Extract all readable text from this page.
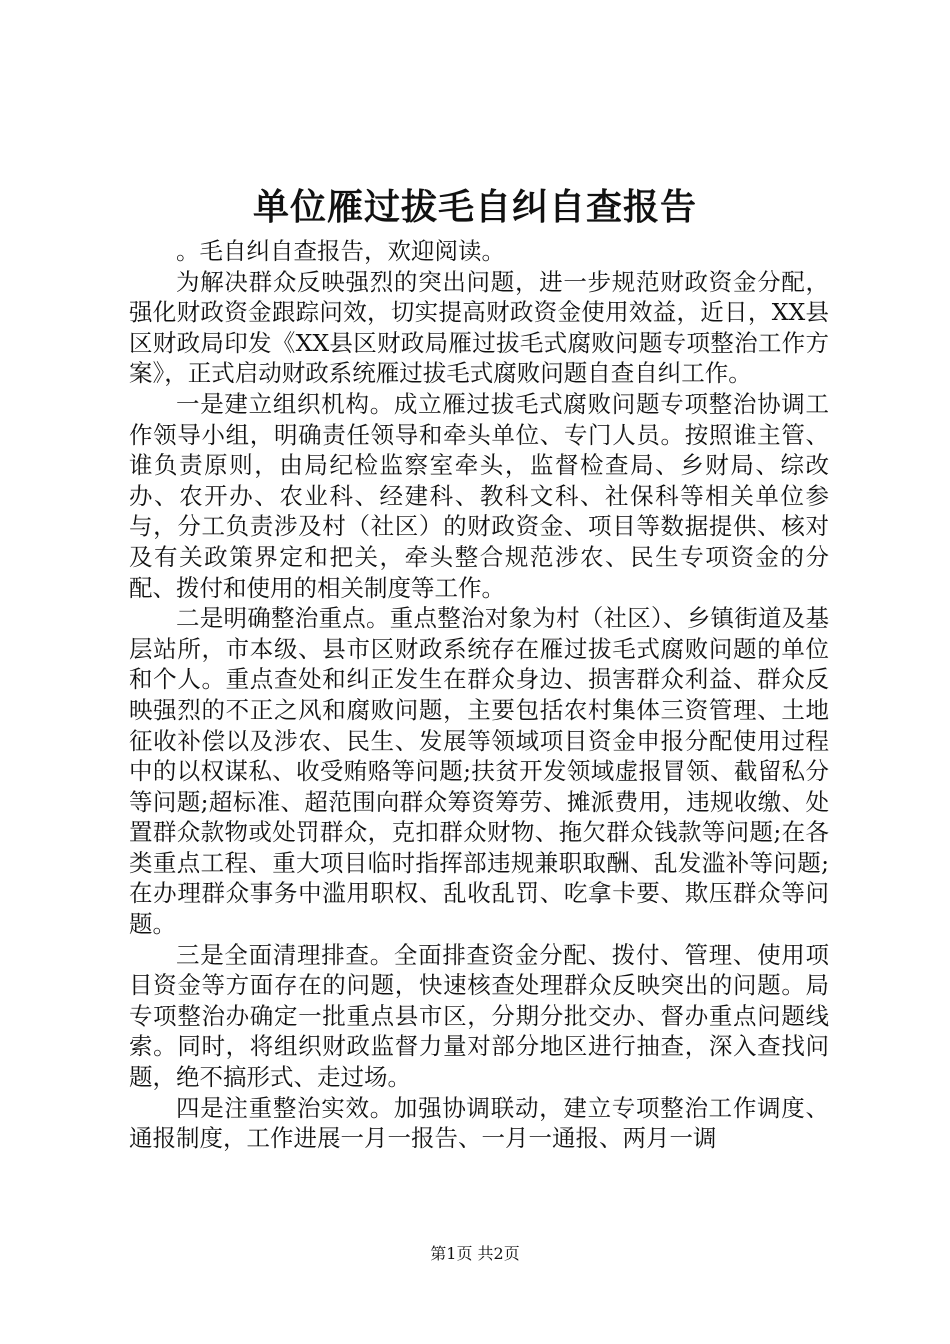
单位雁过拔毛自纠自查报告

。毛自纠自查报告，欢迎阅读。

为解决群众反映强烈的突出问题，进一步规范财政资金分配，强化财政资金跟踪问效，切实提高财政资金使用效益，近日，XX县区财政局印发《XX县区财政局雁过拔毛式腐败问题专项整治工作方案》，正式启动财政系统雁过拔毛式腐败问题自查自纠工作。

一是建立组织机构。成立雁过拔毛式腐败问题专项整治协调工作领导小组，明确责任领导和牵头单位、专门人员。按照谁主管、谁负责原则，由局纪检监察室牵头，监督检查局、乡财局、综改办、农开办、农业科、经建科、教科文科、社保科等相关单位参与，分工负责涉及村（社区）的财政资金、项目等数据提供、核对及有关政策界定和把关，牵头整合规范涉农、民生专项资金的分配、拨付和使用的相关制度等工作。

二是明确整治重点。重点整治对象为村（社区）、乡镇街道及基层站所，市本级、县市区财政系统存在雁过拔毛式腐败问题的单位和个人。重点查处和纠正发生在群众身边、损害群众利益、群众反映强烈的不正之风和腐败问题，主要包括农村集体三资管理、土地征收补偿以及涉农、民生、发展等领域项目资金申报分配使用过程中的以权谋私、收受贿赂等问题;扶贫开发领域虚报冒领、截留私分等问题;超标准、超范围向群众筹资筹劳、摊派费用，违规收缴、处置群众款物或处罚群众，克扣群众财物、拖欠群众钱款等问题;在各类重点工程、重大项目临时指挥部违规兼职取酬、乱发滥补等问题;在办理群众事务中滥用职权、乱收乱罚、吃拿卡要、欺压群众等问题。

三是全面清理排查。全面排查资金分配、拨付、管理、使用项目资金等方面存在的问题，快速核查处理群众反映突出的问题。局专项整治办确定一批重点县市区，分期分批交办、督办重点问题线索。同时，将组织财政监督力量对部分地区进行抽查，深入查找问题，绝不搞形式、走过场。

四是注重整治实效。加强协调联动，建立专项整治工作调度、通报制度，工作进展一月一报告、一月一通报、两月一调

第1页 共2页
